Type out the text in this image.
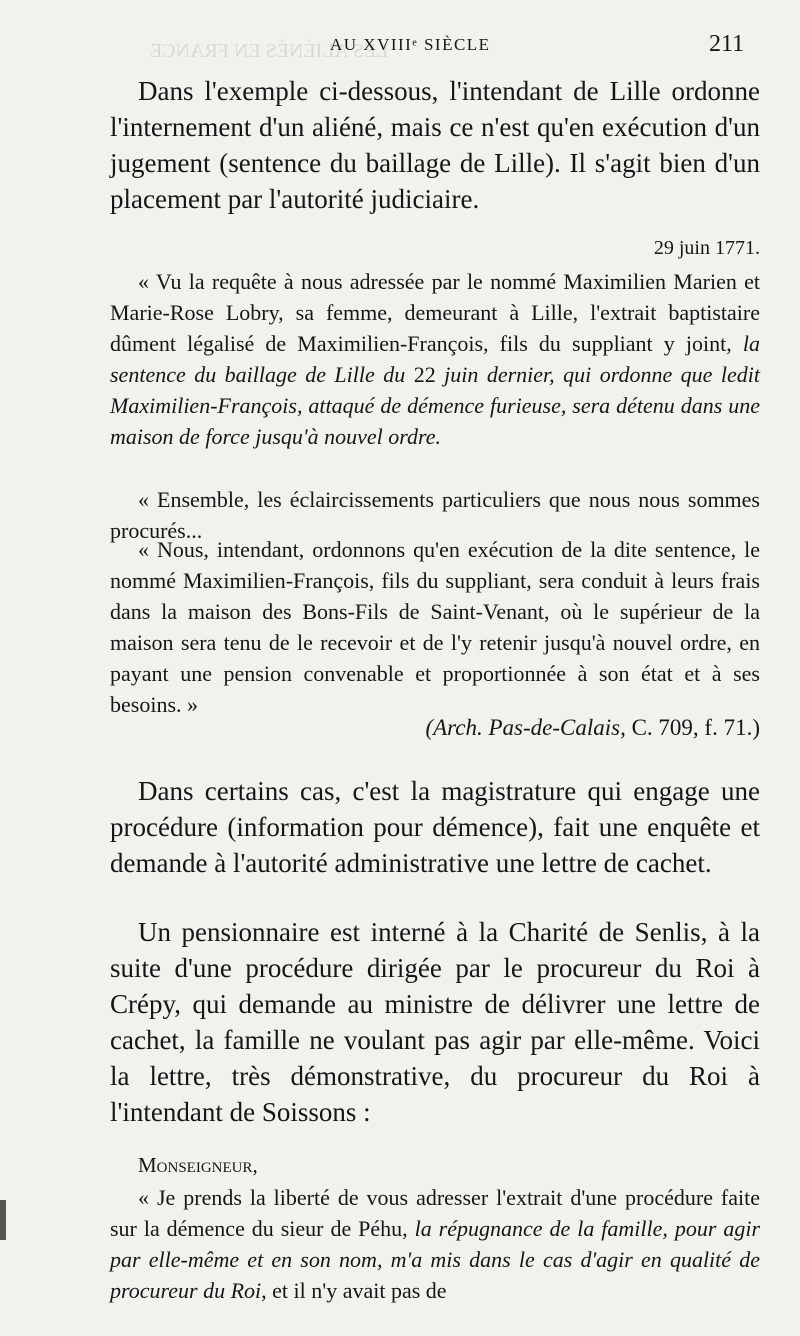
LES ALIÉNÉS EN FRANCE
AU XVIIIᵉ SIÈCLE	211

Dans l'exemple ci-dessous, l'intendant de Lille ordonne l'internement d'un aliéné, mais ce n'est qu'en exécution d'un jugement (sentence du baillage de Lille). Il s'agit bien d'un placement par l'autorité judiciaire.

29 juin 1771.

« Vu la requête à nous adressée par le nommé Maximilien Marien et Marie-Rose Lobry, sa femme, demeurant à Lille, l'extrait baptistaire dûment légalisé de Maximilien-François, fils du suppliant y joint, la sentence du baillage de Lille du 22 juin dernier, qui ordonne que ledit Maximilien-François, attaqué de démence furieuse, sera détenu dans une maison de force jusqu'à nouvel ordre.

« Ensemble, les éclaircissements particuliers que nous nous sommes procurés...

« Nous, intendant, ordonnons qu'en exécution de la dite sentence, le nommé Maximilien-François, fils du suppliant, sera conduit à leurs frais dans la maison des Bons-Fils de Saint-Venant, où le supérieur de la maison sera tenu de le recevoir et de l'y retenir jusqu'à nouvel ordre, en payant une pension convenable et proportionnée à son état et à ses besoins. »

(Arch. Pas-de-Calais, C. 709, f. 71.)

Dans certains cas, c'est la magistrature qui engage une procédure (information pour démence), fait une enquête et demande à l'autorité administrative une lettre de cachet.

Un pensionnaire est interné à la Charité de Senlis, à la suite d'une procédure dirigée par le procureur du Roi à Crépy, qui demande au ministre de délivrer une lettre de cachet, la famille ne voulant pas agir par elle-même. Voici la lettre, très démonstrative, du procureur du Roi à l'intendant de Soissons :

Monseigneur,

« Je prends la liberté de vous adresser l'extrait d'une procédure faite sur la démence du sieur de Péhu, la répugnance de la famille, pour agir par elle-même et en son nom, m'a mis dans le cas d'agir en qualité de procureur du Roi, et il n'y avait pas de
